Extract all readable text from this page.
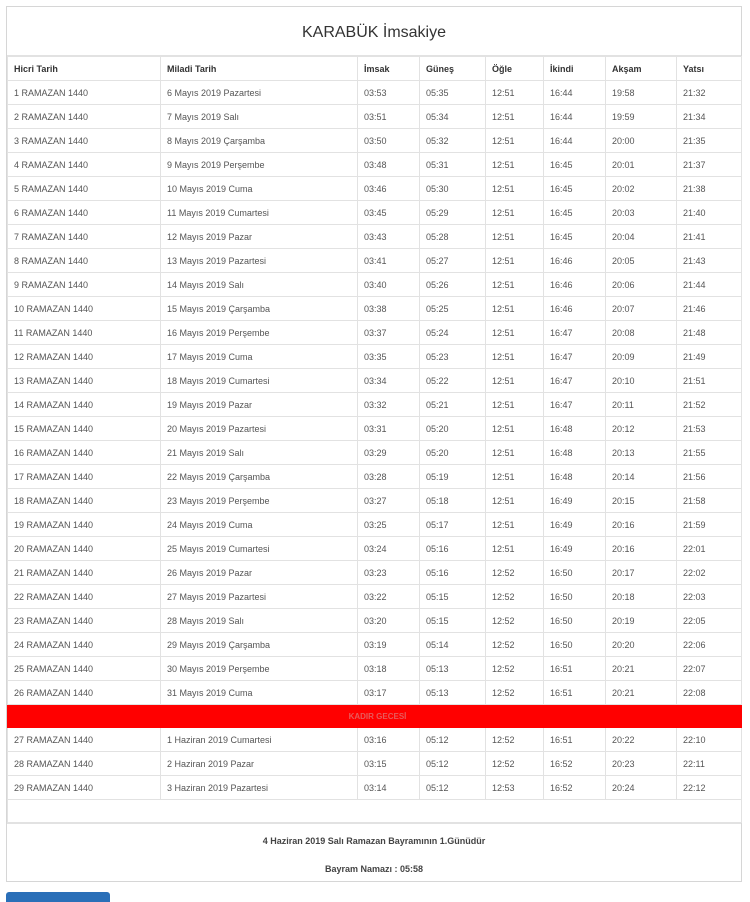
KARABÜK İmsakiye
Hicri Tarih	Miladi Tarih	İmsak	Güneş	Öğle	İkindi	Akşam	Yatsı
1 RAMAZAN 1440	6 Mayıs 2019 Pazartesi	03:53	05:35	12:51	16:44	19:58	21:32
2 RAMAZAN 1440	7 Mayıs 2019 Salı	03:51	05:34	12:51	16:44	19:59	21:34
3 RAMAZAN 1440	8 Mayıs 2019 Çarşamba	03:50	05:32	12:51	16:44	20:00	21:35
4 RAMAZAN 1440	9 Mayıs 2019 Perşembe	03:48	05:31	12:51	16:45	20:01	21:37
5 RAMAZAN 1440	10 Mayıs 2019 Cuma	03:46	05:30	12:51	16:45	20:02	21:38
6 RAMAZAN 1440	11 Mayıs 2019 Cumartesi	03:45	05:29	12:51	16:45	20:03	21:40
7 RAMAZAN 1440	12 Mayıs 2019 Pazar	03:43	05:28	12:51	16:45	20:04	21:41
8 RAMAZAN 1440	13 Mayıs 2019 Pazartesi	03:41	05:27	12:51	16:46	20:05	21:43
9 RAMAZAN 1440	14 Mayıs 2019 Salı	03:40	05:26	12:51	16:46	20:06	21:44
10 RAMAZAN 1440	15 Mayıs 2019 Çarşamba	03:38	05:25	12:51	16:46	20:07	21:46
11 RAMAZAN 1440	16 Mayıs 2019 Perşembe	03:37	05:24	12:51	16:47	20:08	21:48
12 RAMAZAN 1440	17 Mayıs 2019 Cuma	03:35	05:23	12:51	16:47	20:09	21:49
13 RAMAZAN 1440	18 Mayıs 2019 Cumartesi	03:34	05:22	12:51	16:47	20:10	21:51
14 RAMAZAN 1440	19 Mayıs 2019 Pazar	03:32	05:21	12:51	16:47	20:11	21:52
15 RAMAZAN 1440	20 Mayıs 2019 Pazartesi	03:31	05:20	12:51	16:48	20:12	21:53
16 RAMAZAN 1440	21 Mayıs 2019 Salı	03:29	05:20	12:51	16:48	20:13	21:55
17 RAMAZAN 1440	22 Mayıs 2019 Çarşamba	03:28	05:19	12:51	16:48	20:14	21:56
18 RAMAZAN 1440	23 Mayıs 2019 Perşembe	03:27	05:18	12:51	16:49	20:15	21:58
19 RAMAZAN 1440	24 Mayıs 2019 Cuma	03:25	05:17	12:51	16:49	20:16	21:59
20 RAMAZAN 1440	25 Mayıs 2019 Cumartesi	03:24	05:16	12:51	16:49	20:16	22:01
21 RAMAZAN 1440	26 Mayıs 2019 Pazar	03:23	05:16	12:52	16:50	20:17	22:02
22 RAMAZAN 1440	27 Mayıs 2019 Pazartesi	03:22	05:15	12:52	16:50	20:18	22:03
23 RAMAZAN 1440	28 Mayıs 2019 Salı	03:20	05:15	12:52	16:50	20:19	22:05
24 RAMAZAN 1440	29 Mayıs 2019 Çarşamba	03:19	05:14	12:52	16:50	20:20	22:06
25 RAMAZAN 1440	30 Mayıs 2019 Perşembe	03:18	05:13	12:52	16:51	20:21	22:07
26 RAMAZAN 1440	31 Mayıs 2019 Cuma	03:17	05:13	12:52	16:51	20:21	22:08
KADIR GECESİ							
27 RAMAZAN 1440	1 Haziran 2019 Cumartesi	03:16	05:12	12:52	16:51	20:22	22:10
28 RAMAZAN 1440	2 Haziran 2019 Pazar	03:15	05:12	12:52	16:52	20:23	22:11
29 RAMAZAN 1440	3 Haziran 2019 Pazartesi	03:14	05:12	12:53	16:52	20:24	22:12

4 Haziran 2019 Salı Ramazan Bayramının 1.Günüdür
Bayram Namazı : 05:58
